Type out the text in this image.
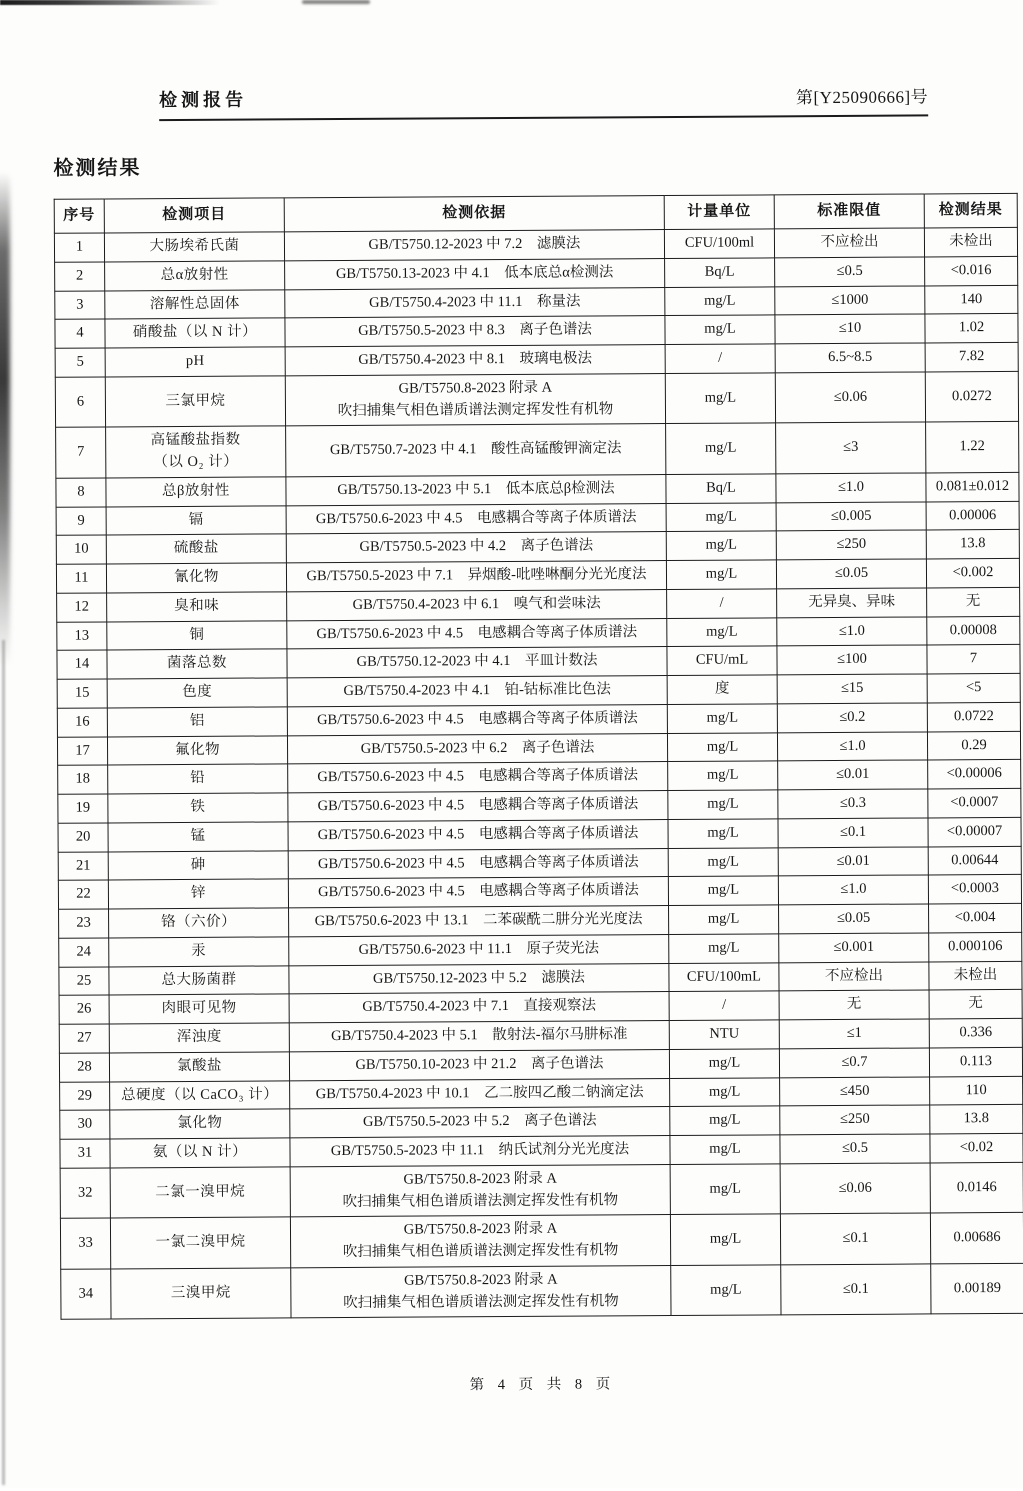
检测报告	第[Y25090666]号
检测结果
序号	检测项目	检测依据	计量单位	标准限值	检测结果
1	大肠埃希氏菌	GB/T5750.12-2023 中 7.2　滤膜法	CFU/100ml	不应检出	未检出
2	总α放射性	GB/T5750.13-2023 中 4.1　低本底总α检测法	Bq/L	≤0.5	<0.016
3	溶解性总固体	GB/T5750.4-2023 中 11.1　称量法	mg/L	≤1000	140
4	硝酸盐（以 N 计）	GB/T5750.5-2023 中 8.3　离子色谱法	mg/L	≤10	1.02
5	pH	GB/T5750.4-2023 中 8.1　玻璃电极法	/	6.5~8.5	7.82
6	三氯甲烷	GB/T5750.8-2023 附录 A
吹扫捕集气相色谱质谱法测定挥发性有机物	mg/L	≤0.06	0.0272
7	高锰酸盐指数
（以 O₂ 计）	GB/T5750.7-2023 中 4.1　酸性高锰酸钾滴定法	mg/L	≤3	1.22
8	总β放射性	GB/T5750.13-2023 中 5.1　低本底总β检测法	Bq/L	≤1.0	0.081±0.012
9	镉	GB/T5750.6-2023 中 4.5　电感耦合等离子体质谱法	mg/L	≤0.005	0.00006
10	硫酸盐	GB/T5750.5-2023 中 4.2　离子色谱法	mg/L	≤250	13.8
11	氰化物	GB/T5750.5-2023 中 7.1　异烟酸-吡唑啉酮分光光度法	mg/L	≤0.05	<0.002
12	臭和味	GB/T5750.4-2023 中 6.1　嗅气和尝味法	/	无异臭、异味	无
13	铜	GB/T5750.6-2023 中 4.5　电感耦合等离子体质谱法	mg/L	≤1.0	0.00008
14	菌落总数	GB/T5750.12-2023 中 4.1　平皿计数法	CFU/mL	≤100	7
15	色度	GB/T5750.4-2023 中 4.1　铂-钴标准比色法	度	≤15	<5
16	铝	GB/T5750.6-2023 中 4.5　电感耦合等离子体质谱法	mg/L	≤0.2	0.0722
17	氟化物	GB/T5750.5-2023 中 6.2　离子色谱法	mg/L	≤1.0	0.29
18	铅	GB/T5750.6-2023 中 4.5　电感耦合等离子体质谱法	mg/L	≤0.01	<0.00006
19	铁	GB/T5750.6-2023 中 4.5　电感耦合等离子体质谱法	mg/L	≤0.3	<0.0007
20	锰	GB/T5750.6-2023 中 4.5　电感耦合等离子体质谱法	mg/L	≤0.1	<0.00007
21	砷	GB/T5750.6-2023 中 4.5　电感耦合等离子体质谱法	mg/L	≤0.01	0.00644
22	锌	GB/T5750.6-2023 中 4.5　电感耦合等离子体质谱法	mg/L	≤1.0	<0.0003
23	铬（六价）	GB/T5750.6-2023 中 13.1　二苯碳酰二肼分光光度法	mg/L	≤0.05	<0.004
24	汞	GB/T5750.6-2023 中 11.1　原子荧光法	mg/L	≤0.001	0.000106
25	总大肠菌群	GB/T5750.12-2023 中 5.2　滤膜法	CFU/100mL	不应检出	未检出
26	肉眼可见物	GB/T5750.4-2023 中 7.1　直接观察法	/	无	无
27	浑浊度	GB/T5750.4-2023 中 5.1　散射法-福尔马肼标准	NTU	≤1	0.336
28	氯酸盐	GB/T5750.10-2023 中 21.2　离子色谱法	mg/L	≤0.7	0.113
29	总硬度（以 CaCO₃ 计）	GB/T5750.4-2023 中 10.1　乙二胺四乙酸二钠滴定法	mg/L	≤450	110
30	氯化物	GB/T5750.5-2023 中 5.2　离子色谱法	mg/L	≤250	13.8
31	氨（以 N 计）	GB/T5750.5-2023 中 11.1　纳氏试剂分光光度法	mg/L	≤0.5	<0.02
32	二氯一溴甲烷	GB/T5750.8-2023 附录 A
吹扫捕集气相色谱质谱法测定挥发性有机物	mg/L	≤0.06	0.0146
33	一氯二溴甲烷	GB/T5750.8-2023 附录 A
吹扫捕集气相色谱质谱法测定挥发性有机物	mg/L	≤0.1	0.00686
34	三溴甲烷	GB/T5750.8-2023 附录 A
吹扫捕集气相色谱质谱法测定挥发性有机物	mg/L	≤0.1	0.00189
第 4 页 共 8 页
